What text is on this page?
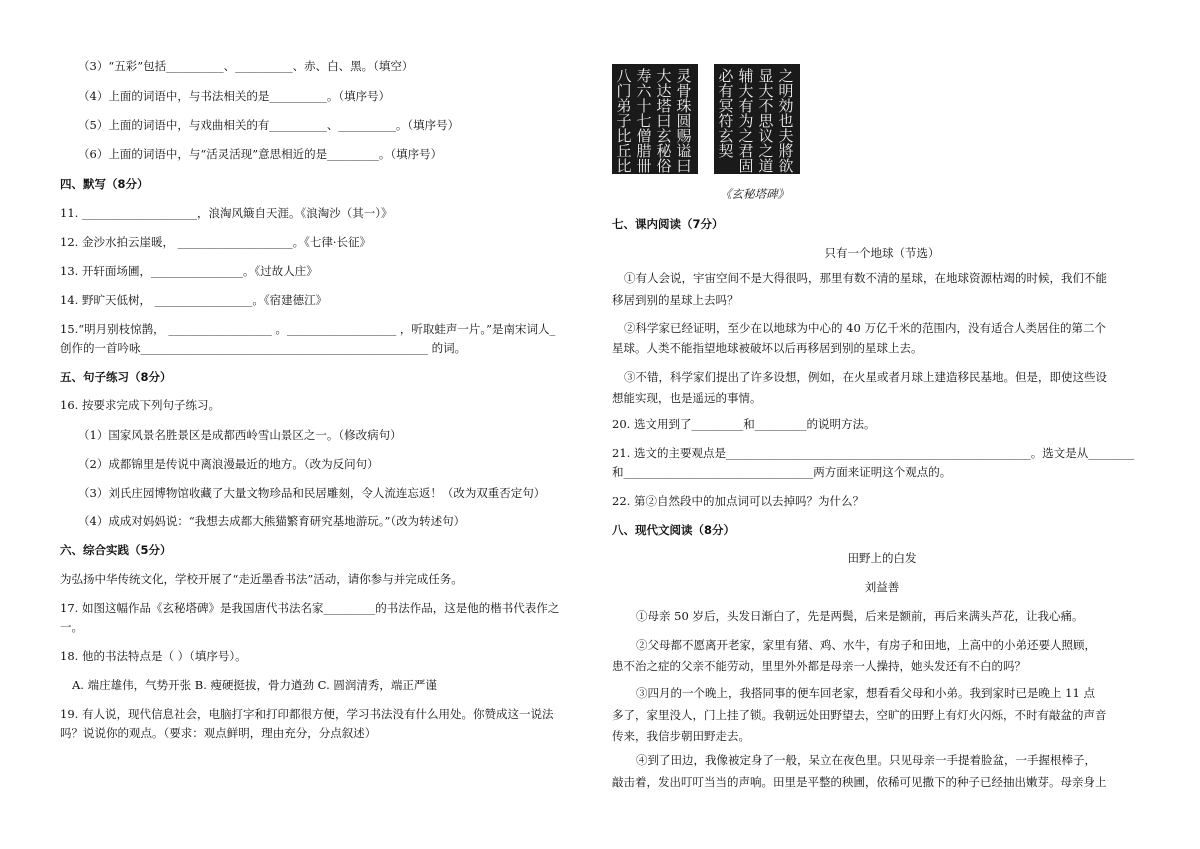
（3）“五彩”包括__________、__________、赤、白、黑。（填空）
（4）上面的词语中，与书法相关的是__________。（填序号）
（5）上面的词语中，与戏曲相关的有__________、__________。（填序号）
（6）上面的词语中，与“活灵活现”意思相近的是_________。（填序号）
四、默写（8分）
11. ____________________，浪淘风簸自天涯。《浪淘沙（其一）》
12. 金沙水拍云崖暖， ____________________。《七律·长征》
13. 开轩面场圃，________________。《过故人庄》
14. 野旷天低树， _________________。《宿建德江》
15.“明月别枝惊鹊， __________________ 。___________________ ，听取蛙声一片。”是南宋词人_
创作的一首吟咏__________________________________________________ 的词。
五、句子练习（8分）
16. 按要求完成下列句子练习。
（1）国家风景名胜景区是成都西岭雪山景区之一。（修改病句）
（2）成都锦里是传说中离浪漫最近的地方。（改为反问句）
（3）刘氏庄园博物馆收藏了大量文物珍品和民居雕刻，令人流连忘返！（改为双重否定句）
（4）成成对妈妈说：“我想去成都大熊猫繁育研究基地游玩。”（改为转述句）
六、综合实践（5分）
为弘扬中华传统文化，学校开展了“走近墨香书法”活动，请你参与并完成任务。
17. 如图这幅作品《玄秘塔碑》是我国唐代书法名家_________的书法作品，这是他的楷书代表作之
一。
18. 他的书法特点是（ ）（填序号）。
A. 端庄雄伟，气势开张 B. 瘦硬挺拔，骨力遒劲 C. 圆润清秀，端正严谨
19. 有人说，现代信息社会，电脑打字和打印都很方便，学习书法没有什么用处。你赞成这一说法
吗？说说你的观点。（要求：观点鲜明，理由充分，分点叙述）
灵
骨
珠
圆
赐
谥
曰
大
达
塔
曰
玄
秘
俗
寿
六
十
七
僧
腊
卌
八
门
弟
子
比
丘
比
之
明
効
也
夫
將
欲
显
大
不
思
议
之
道
辅
大
有
为
之
君
固
必
有
冥
符
玄
契
《玄秘塔碑》
七、课内阅读（7分）
只有一个地球（节选）
①有人会说，宇宙空间不是大得很吗，那里有数不清的星球，在地球资源枯竭的时候，我们不能
移居到别的星球上去吗？
②科学家已经证明，至少在以地球为中心的 40 万亿千米的范围内，没有适合人类居住的第二个
星球。人类不能指望地球被破坏以后再移居到别的星球上去。
③不错，科学家们提出了许多设想，例如，在火星或者月球上建造移民基地。但是，即使这些设
想能实现，也是遥远的事情。
20. 选文用到了_________和_________的说明方法。
21. 选文的主要观点是_____________________________________________________。选文是从________
和_________________________________两方面来证明这个观点的。
22. 第②自然段中的加点词可以去掉吗？为什么？
八、现代文阅读（8分）
田野上的白发
刘益善
①母亲 50 岁后，头发日渐白了，先是两鬓，后来是额前，再后来满头芦花，让我心痛。
②父母都不愿离开老家，家里有猪、鸡、水牛，有房子和田地，上高中的小弟还要人照顾，
患不治之症的父亲不能劳动，里里外外都是母亲一人操持，她头发还有不白的吗？
③四月的一个晚上，我搭同事的便车回老家，想看看父母和小弟。我到家时已是晚上 11 点
多了，家里没人，门上挂了锁。我朝远处田野望去，空旷的田野上有灯火闪烁，不时有敲盆的声音
传来，我信步朝田野走去。
④到了田边，我像被定身了一般，呆立在夜色里。只见母亲一手提着脸盆，一手握根棒子，
敲击着，发出叮叮当当的声响。田里是平整的秧圃，依稀可见撒下的种子已经抽出嫩芽。母亲身上
